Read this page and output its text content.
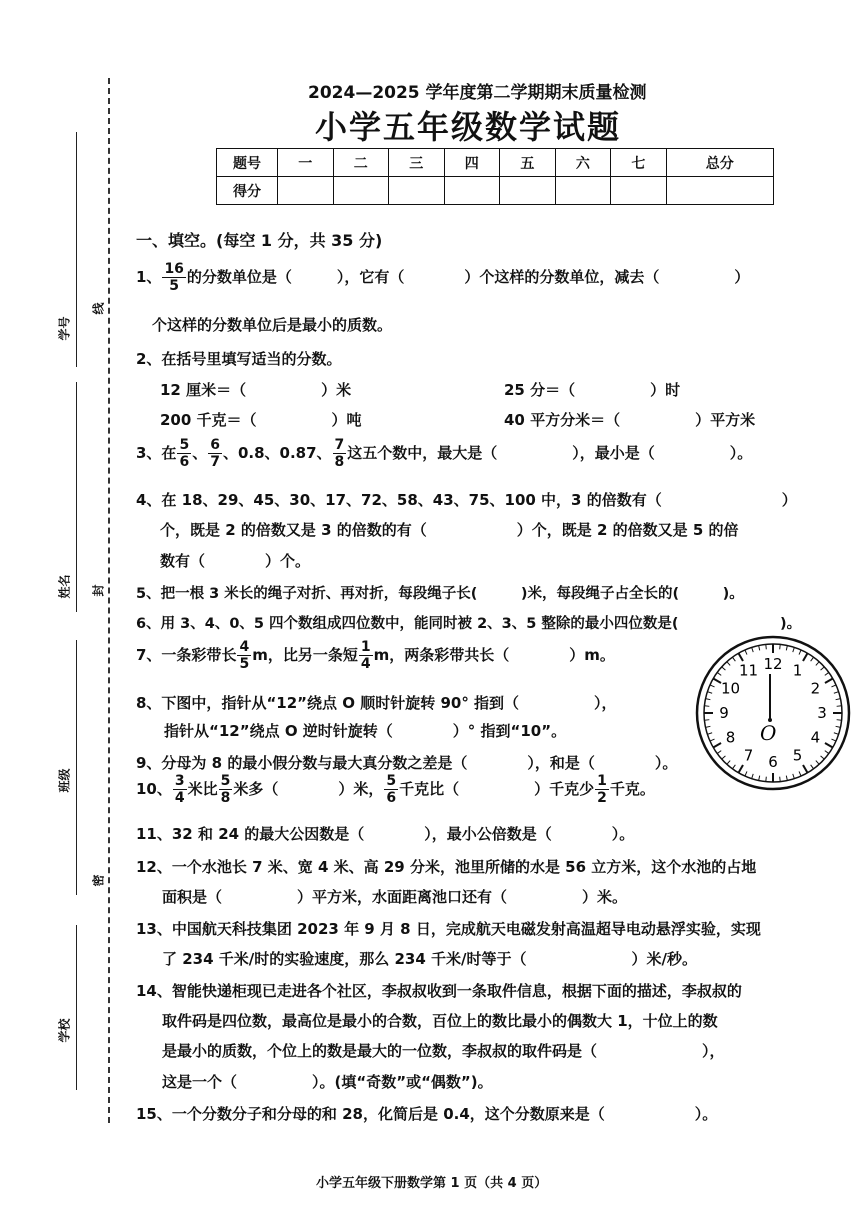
学号
姓名
班级
学校
线
封
密
2024—2025 学年度第二学期期末质量检测
小学五年级数学试题
题号	一	二	三	四	五	六	七	总分
得分								
一、填空。(每空 1 分，共 35 分)
1、 $\frac{16}{5}$ 的分数单位是（　　　），它有（　　　　）个这样的分数单位，减去（　　　　　）
个这样的分数单位后是最小的质数。
2、在括号里填写适当的分数。
12 厘米＝（　　　　　）米	25 分＝（　　　　　）时
200 千克＝（　　　　　）吨	40 平方分米＝（　　　　　）平方米
3、在 $\frac{5}{6}$ 、 $\frac{6}{7}$ 、0.8、0.87、 $\frac{7}{8}$ 这五个数中，最大是（　　　　　），最小是（　　　　　）。
4、在 18、29、45、30、17、72、58、43、75、100 中，3 的倍数有（　　　　　　　　）
个，既是 2 的倍数又是 3 的倍数的有（　　　　　　）个，既是 2 的倍数又是 5 的倍
数有（　　　　）个。
5、把一根 3 米长的绳子对折、再对折，每段绳子长(　　　)米，每段绳子占全长的(　　　)。
6、用 3、4、0、5 四个数组成四位数中，能同时被 2、3、5 整除的最小四位数是(　　　　　　　)。
7、一条彩带长 $\frac{4}{5}$ m，比另一条短 $\frac{1}{4}$ m，两条彩带共长（　　　　）m。
8、下图中，指针从“12”绕点 O 顺时针旋转 90° 指到（　　　　　），
指针从“12”绕点 O 逆时针旋转（　　　　）° 指到“10”。
9、分母为 8 的最小假分数与最大真分数之差是（　　　　），和是（　　　　）。
10、 $\frac{3}{4}$ 米比 $\frac{5}{8}$ 米多（　　　　）米， $\frac{5}{6}$ 千克比（　　　　　）千克少 $\frac{1}{2}$ 千克。
11、32 和 24 的最大公因数是（　　　　），最小公倍数是（　　　　）。
12、一个水池长 7 米、宽 4 米、高 29 分米，池里所储的水是 56 立方米，这个水池的占地
面积是（　　　　　）平方米，水面距离池口还有（　　　　　）米。
13、中国航天科技集团 2023 年 9 月 8 日，完成航天电磁发射高温超导电动悬浮实验，实现
了 234 千米/时的实验速度，那么 234 千米/时等于（　　　　　　　）米/秒。
14、智能快递柜现已走进各个社区，李叔叔收到一条取件信息，根据下面的描述，李叔叔的
取件码是四位数，最高位是最小的合数，百位上的数比最小的偶数大 1，十位上的数
是最小的质数，个位上的数是最大的一位数，李叔叔的取件码是（　　　　　　　），
这是一个（　　　　　）。(填“奇数”或“偶数”)。
15、一个分数分子和分母的和 28，化简后是 0.4，这个分数原来是（　　　　　　）。
小学五年级下册数学第 1 页（共 4 页）
12 1
2
3
4
5
6
7
8
9
10
11
O
